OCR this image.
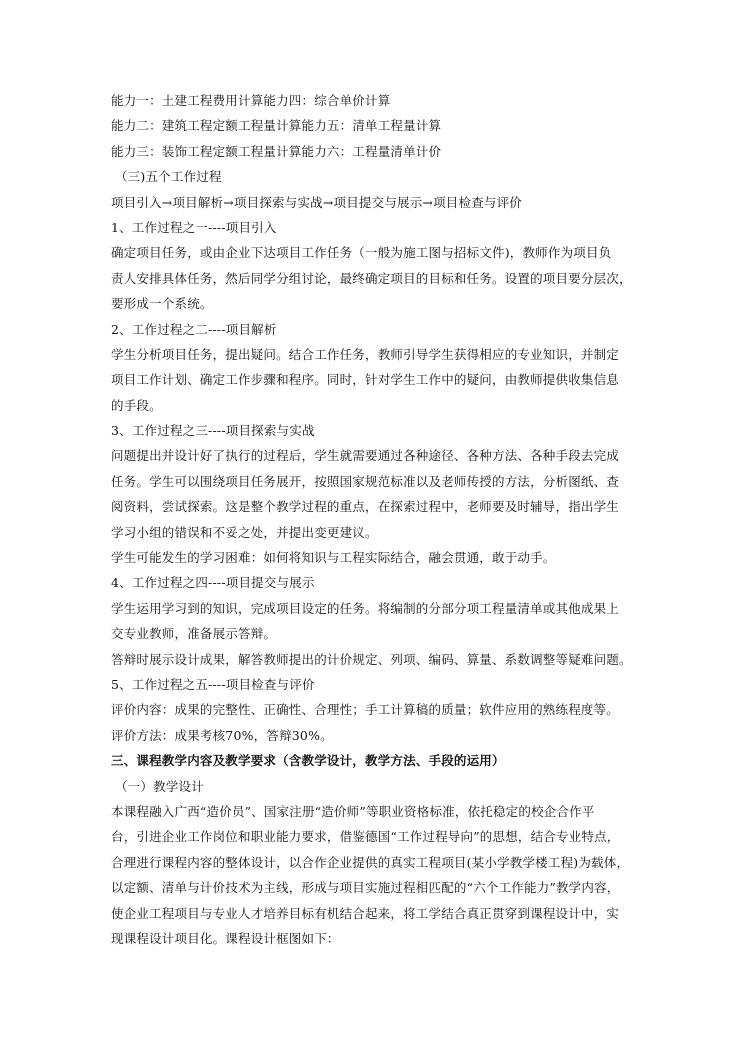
能力一：土建工程费用计算能力四：综合单价计算
能力二：建筑工程定额工程量计算能力五：清单工程量计算
能力三：装饰工程定额工程量计算能力六：工程量清单计价
（三)五个工作过程
项目引入→项目解析→项目探索与实战→项目提交与展示→项目检查与评价
1、工作过程之一----项目引入
确定项目任务，或由企业下达项目工作任务（一般为施工图与招标文件)，教师作为项目负
责人安排具体任务，然后同学分组讨论，最终确定项目的目标和任务。设置的项目要分层次，
要形成一个系统。
2、工作过程之二----项目解析
学生分析项目任务，提出疑问。结合工作任务，教师引导学生获得相应的专业知识，并制定
项目工作计划、确定工作步骤和程序。同时，针对学生工作中的疑问，由教师提供收集信息
的手段。
3、工作过程之三----项目探索与实战
问题提出并设计好了执行的过程后，学生就需要通过各种途径、各种方法、各种手段去完成
任务。学生可以围绕项目任务展开，按照国家规范标准以及老师传授的方法，分析图纸、查
阅资料，尝试探索。这是整个教学过程的重点，在探索过程中，老师要及时辅导，指出学生
学习小组的错误和不妥之处，并提出变更建议。
学生可能发生的学习困难：如何将知识与工程实际结合，融会贯通，敢于动手。
4、工作过程之四----项目提交与展示
学生运用学习到的知识，完成项目设定的任务。将编制的分部分项工程量清单或其他成果上
交专业教师，准备展示答辩。
答辩时展示设计成果，解答教师提出的计价规定、列项、编码、算量、系数调整等疑难问题。
5、工作过程之五----项目检查与评价
评价内容：成果的完整性、正确性、合理性；手工计算稿的质量；软件应用的熟练程度等。
评价方法：成果考核70%，答辩30%。
三、课程教学内容及教学要求（含教学设计，教学方法、手段的运用）
（一）教学设计
本课程融入广西“造价员”、国家注册“造价师”等职业资格标准，依托稳定的校企合作平
台，引进企业工作岗位和职业能力要求，借鉴德国“工作过程导向”的思想，结合专业特点，
合理进行课程内容的整体设计，以合作企业提供的真实工程项目(某小学教学楼工程)为载体，
以定额、清单与计价技术为主线，形成与项目实施过程相匹配的“六个工作能力”教学内容，
使企业工程项目与专业人才培养目标有机结合起来，将工学结合真正贯穿到课程设计中，实
现课程设计项目化。课程设计框图如下：
